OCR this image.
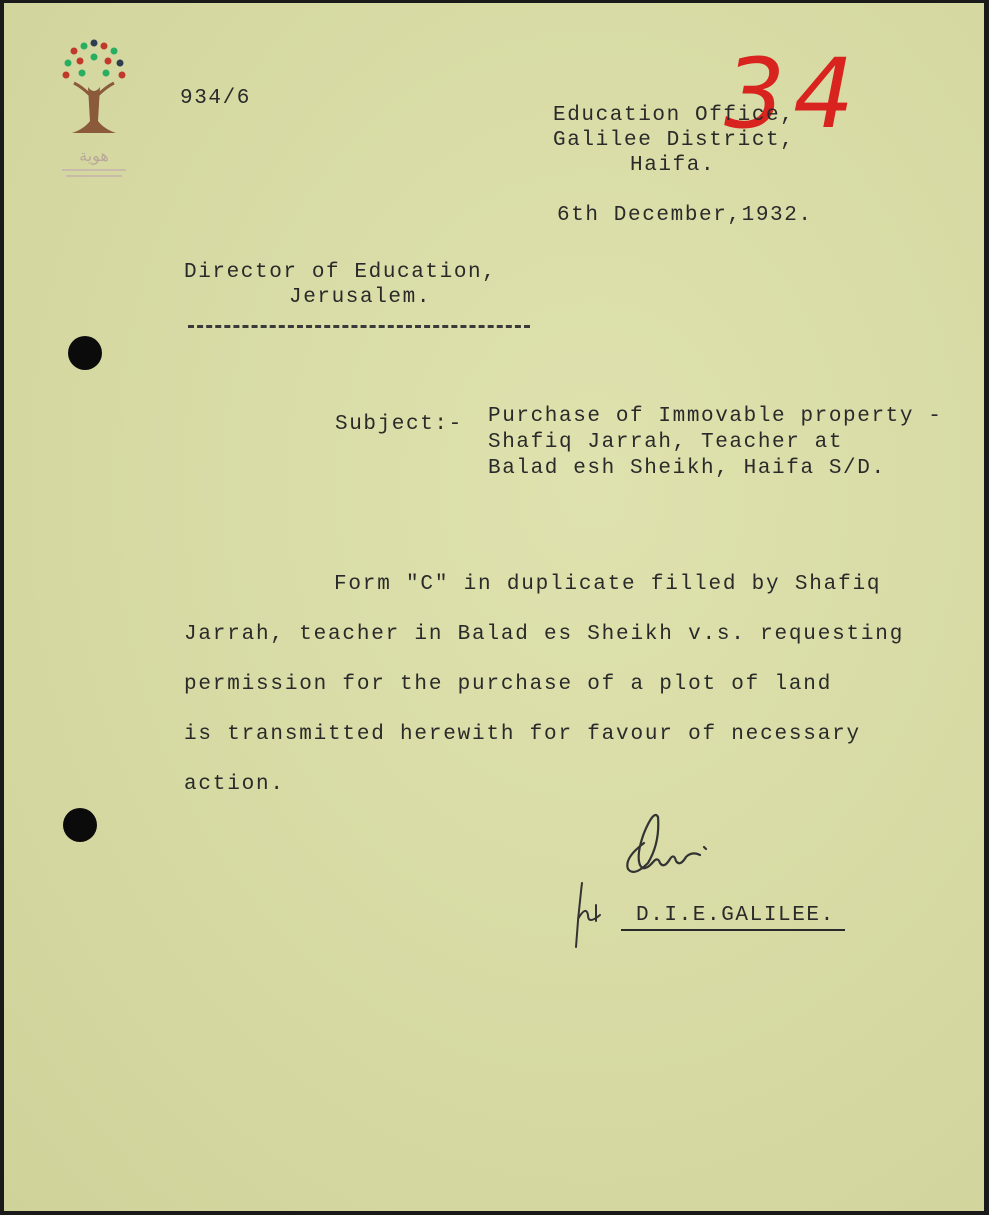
هوية
34
934/6
Education Office,
Galilee District,
Haifa.
6th December,1932.
Director of Education,
Jerusalem.
Subject:- Purchase of Immovable property -
Shafiq Jarrah, Teacher at
Balad esh Sheikh, Haifa S/D.
Form "C" in duplicate filled by Shafiq
Jarrah, teacher in Balad es Sheikh v.s. requesting
permission for the purchase of a plot of land
is transmitted herewith for favour of necessary
action.
D.I.E.GALILEE.
